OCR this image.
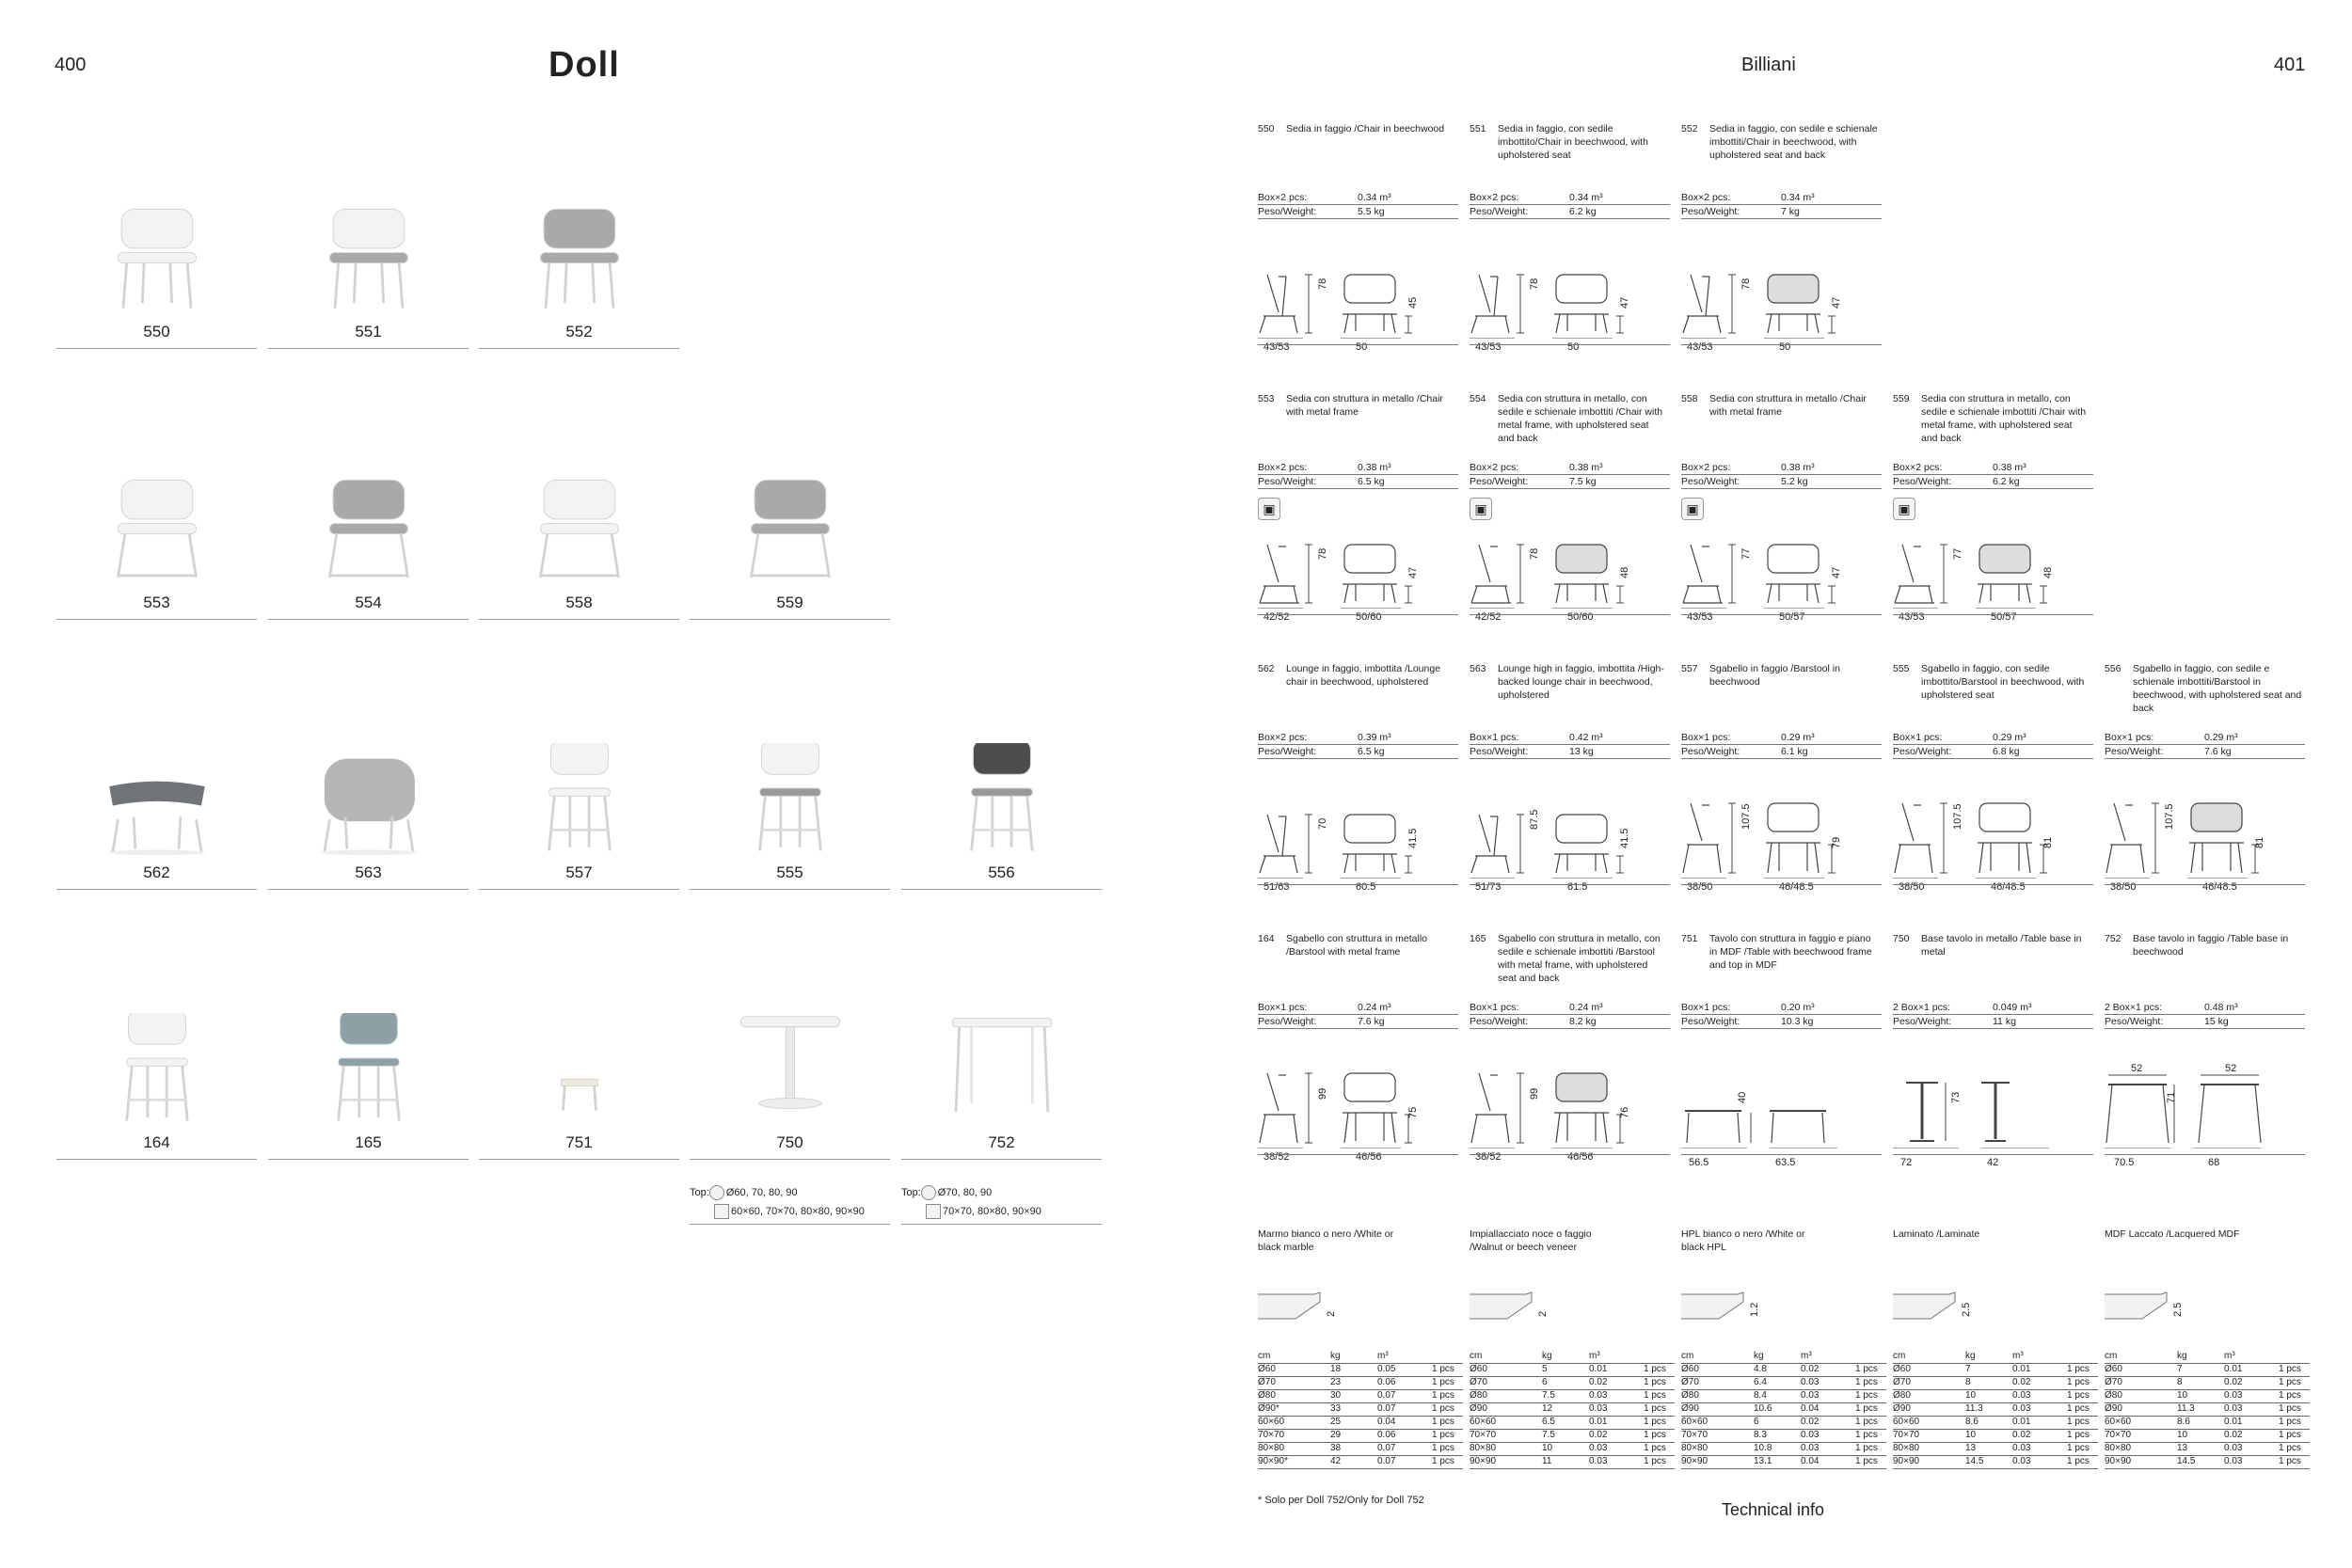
400	Doll	Billiani	401
550	551	552
553	554	558	559
562	563	557	555	556
164	165	751	750	752
550 Sedia in faggio /Chair in beechwood
Box×2 pcs:	0.34 m³
Peso/Weight:	5.5 kg
78
45
43/53	50
551 Sedia in faggio, con sedile imbottito/Chair in beechwood, with upholstered seat
Box×2 pcs:	0.34 m³
Peso/Weight:	6.2 kg
78
47
43/53	50
552 Sedia in faggio, con sedile e schienale imbottiti/Chair in beechwood, with upholstered seat and back
Box×2 pcs:	0.34 m³
Peso/Weight:	7 kg
78
47
43/53	50
553 Sedia con struttura in metallo /Chair with metal frame
Box×2 pcs:	0.38 m³
Peso/Weight:	6.5 kg
▣
78
47
42/52	50/60
554 Sedia con struttura in metallo, con sedile e schienale imbottiti /Chair with metal frame, with upholstered seat and back
Box×2 pcs:	0.38 m³
Peso/Weight:	7.5 kg
▣
78
48
42/52	50/60
558 Sedia con struttura in metallo /Chair with metal frame
Box×2 pcs:	0.38 m³
Peso/Weight:	5.2 kg
▣
77
47
43/53	50/57
559 Sedia con struttura in metallo, con sedile e schienale imbottiti /Chair with metal frame, with upholstered seat and back
Box×2 pcs:	0.38 m³
Peso/Weight:	6.2 kg
▣
77
48
43/53	50/57
562 Lounge in faggio, imbottita /Lounge chair in beechwood, upholstered
Box×2 pcs:	0.39 m³
Peso/Weight:	6.5 kg
70
41.5
51/63	60.5
563 Lounge high in faggio, imbottita /High-backed lounge chair in beechwood, upholstered
Box×1 pcs:	0.42 m³
Peso/Weight:	13 kg
87.5
41.5
51/73	61.5
557 Sgabello in faggio /Barstool in beechwood
Box×1 pcs:	0.29 m³
Peso/Weight:	6.1 kg
107.5
79
38/50	46/48.5
555 Sgabello in faggio, con sedile imbottito/Barstool in beechwood, with upholstered seat
Box×1 pcs:	0.29 m³
Peso/Weight:	6.8 kg
107.5
81
38/50	46/48.5
556 Sgabello in faggio, con sedile e schienale imbottiti/Barstool in beechwood, with upholstered seat and back
Box×1 pcs:	0.29 m³
Peso/Weight:	7.6 kg
107.5
81
38/50	46/48.5
164 Sgabello con struttura in metallo /Barstool with metal frame
Box×1 pcs:	0.24 m³
Peso/Weight:	7.6 kg
99
75
38/52	46/56
165 Sgabello con struttura in metallo, con sedile e schienale imbottiti /Barstool with metal frame, with upholstered seat and back
Box×1 pcs:	0.24 m³
Peso/Weight:	8.2 kg
99
76
38/52	46/56
751 Tavolo con struttura in faggio e piano in MDF /Table with beechwood frame and top in MDF
Box×1 pcs:	0.20 m³
Peso/Weight:	10.3 kg
40
56.5	63.5
750 Base tavolo in metallo /Table base in metal
2 Box×1 pcs:	0.049 m³
Peso/Weight:	11 kg
73
72	42
752 Base tavolo in faggio /Table base in beechwood
2 Box×1 pcs:	0.48 m³
Peso/Weight:	15 kg
52
71
70.5	68
52
Marmo bianco o nero /White or black marble
2
cm	kg	m³
Ø60	18	0.05	1 pcs
Ø70	23	0.06	1 pcs
Ø80	30	0.07	1 pcs
Ø90*	33	0.07	1 pcs
60×60	25	0.04	1 pcs
70×70	29	0.06	1 pcs
80×80	38	0.07	1 pcs
90×90*	42	0.07	1 pcs
Impiallacciato noce o faggio /Walnut or beech veneer
2
cm	kg	m³
Ø60	5	0.01	1 pcs
Ø70	6	0.02	1 pcs
Ø80	7.5	0.03	1 pcs
Ø90	12	0.03	1 pcs
60×60	6.5	0.01	1 pcs
70×70	7.5	0.02	1 pcs
80×80	10	0.03	1 pcs
90×90	11	0.03	1 pcs
HPL bianco o nero /White or black HPL
1.2
cm	kg	m³
Ø60	4.8	0.02	1 pcs
Ø70	6.4	0.03	1 pcs
Ø80	8.4	0.03	1 pcs
Ø90	10.6	0.04	1 pcs
60×60	6	0.02	1 pcs
70×70	8.3	0.03	1 pcs
80×80	10.8	0.03	1 pcs
90×90	13.1	0.04	1 pcs
Laminato /Laminate
2.5
cm	kg	m³
Ø60	7	0.01	1 pcs
Ø70	8	0.02	1 pcs
Ø80	10	0.03	1 pcs
Ø90	11.3	0.03	1 pcs
60×60	8.6	0.01	1 pcs
70×70	10	0.02	1 pcs
80×80	13	0.03	1 pcs
90×90	14.5	0.03	1 pcs
MDF Laccato /Lacquered MDF
2.5
cm	kg	m³
Ø60	7	0.01	1 pcs
Ø70	8	0.02	1 pcs
Ø80	10	0.03	1 pcs
Ø90	11.3	0.03	1 pcs
60×60	8.6	0.01	1 pcs
70×70	10	0.02	1 pcs
80×80	13	0.03	1 pcs
90×90	14.5	0.03	1 pcs
* Solo per Doll 752/Only for Doll 752	Technical info
Top: Ø60, 70, 80, 90
60×60, 70×70, 80×80, 90×90
Top: Ø70, 80, 90
70×70, 80×80, 90×90
